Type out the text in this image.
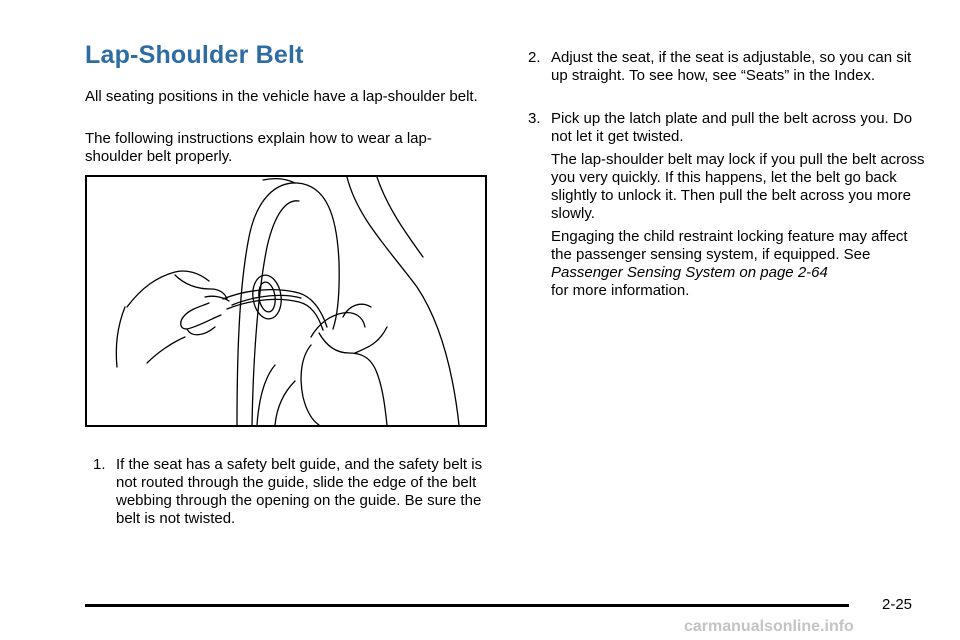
Lap-Shoulder Belt

All seating positions in the vehicle have a lap-shoulder belt.

The following instructions explain how to wear a lap-shoulder belt properly.

1. If the seat has a safety belt guide, and the safety belt is not routed through the guide, slide the edge of the belt webbing through the opening on the guide. Be sure the belt is not twisted.
2. Adjust the seat, if the seat is adjustable, so you can sit up straight. To see how, see “Seats” in the Index.
3. Pick up the latch plate and pull the belt across you. Do not let it get twisted.

The lap-shoulder belt may lock if you pull the belt across you very quickly. If this happens, let the belt go back slightly to unlock it. Then pull the belt across you more slowly.

Engaging the child restraint locking feature may affect the passenger sensing system, if equipped. See Passenger Sensing System on page 2-64
for more information.

2-25

carmanualsonline.info
